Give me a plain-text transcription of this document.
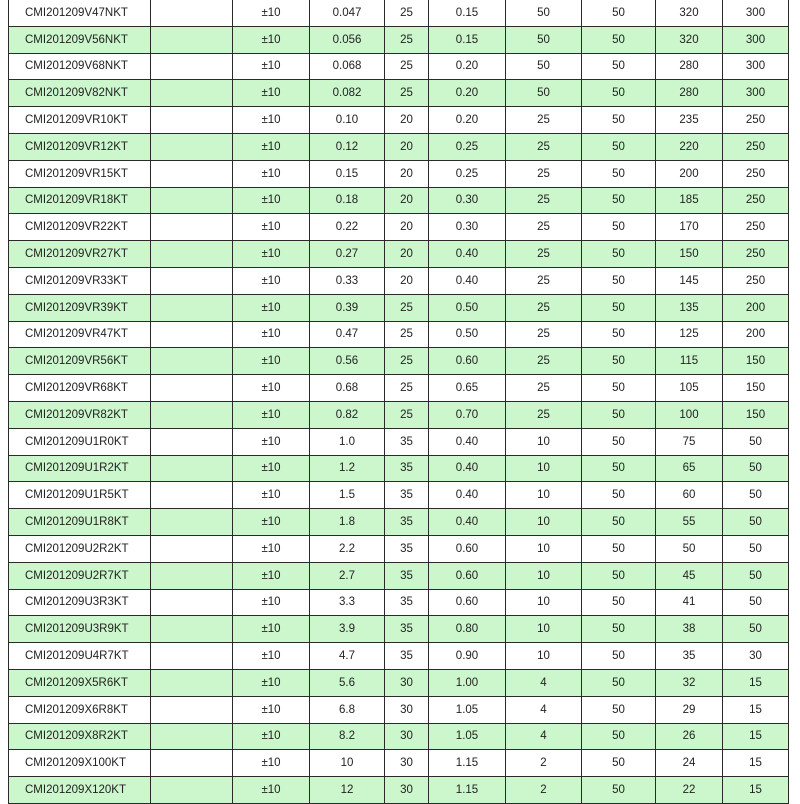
CMI201209V47NKT		±10	0.047	25	0.15	50	50	320	300
CMI201209V56NKT		±10	0.056	25	0.15	50	50	320	300
CMI201209V68NKT		±10	0.068	25	0.20	50	50	280	300
CMI201209V82NKT		±10	0.082	25	0.20	50	50	280	300
CMI201209VR10KT		±10	0.10	20	0.20	25	50	235	250
CMI201209VR12KT		±10	0.12	20	0.25	25	50	220	250
CMI201209VR15KT		±10	0.15	20	0.25	25	50	200	250
CMI201209VR18KT		±10	0.18	20	0.30	25	50	185	250
CMI201209VR22KT		±10	0.22	20	0.30	25	50	170	250
CMI201209VR27KT		±10	0.27	20	0.40	25	50	150	250
CMI201209VR33KT		±10	0.33	20	0.40	25	50	145	250
CMI201209VR39KT		±10	0.39	25	0.50	25	50	135	200
CMI201209VR47KT		±10	0.47	25	0.50	25	50	125	200
CMI201209VR56KT		±10	0.56	25	0.60	25	50	115	150
CMI201209VR68KT		±10	0.68	25	0.65	25	50	105	150
CMI201209VR82KT		±10	0.82	25	0.70	25	50	100	150
CMI201209U1R0KT		±10	1.0	35	0.40	10	50	75	50
CMI201209U1R2KT		±10	1.2	35	0.40	10	50	65	50
CMI201209U1R5KT		±10	1.5	35	0.40	10	50	60	50
CMI201209U1R8KT		±10	1.8	35	0.40	10	50	55	50
CMI201209U2R2KT		±10	2.2	35	0.60	10	50	50	50
CMI201209U2R7KT		±10	2.7	35	0.60	10	50	45	50
CMI201209U3R3KT		±10	3.3	35	0.60	10	50	41	50
CMI201209U3R9KT		±10	3.9	35	0.80	10	50	38	50
CMI201209U4R7KT		±10	4.7	35	0.90	10	50	35	30
CMI201209X5R6KT		±10	5.6	30	1.00	4	50	32	15
CMI201209X6R8KT		±10	6.8	30	1.05	4	50	29	15
CMI201209X8R2KT		±10	8.2	30	1.05	4	50	26	15
CMI201209X100KT		±10	10	30	1.15	2	50	24	15
CMI201209X120KT		±10	12	30	1.15	2	50	22	15
